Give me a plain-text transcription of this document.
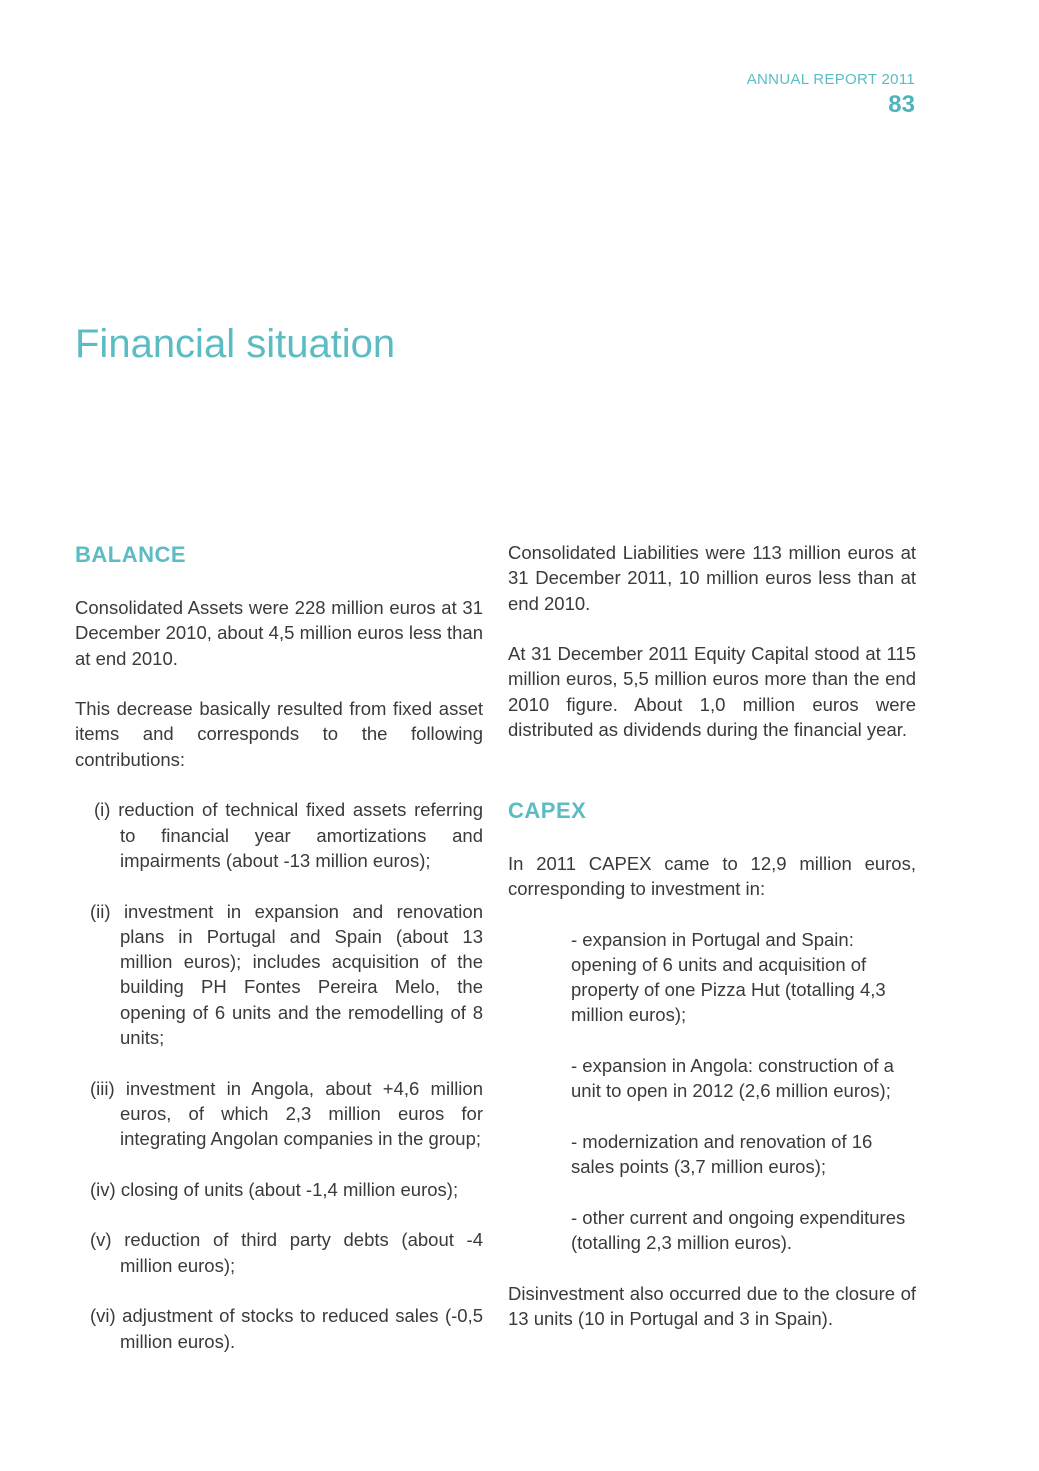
ANNUAL REPORT 2011
83
Financial situation
BALANCE

Consolidated Assets were 228 million euros at 31 December 2010, about 4,5 million euros less than at end 2010.

This decrease basically resulted from fixed asset items and corresponds to the following contributions:

(i) reduction of technical fixed assets referring to financial year amortizations and impairments (about -13 million euros);
(ii) investment in expansion and renovation plans in Portugal and Spain (about 13 million euros); includes acquisition of the building PH Fontes Pereira Melo, the opening of 6 units and the remodelling of 8 units;
(iii) investment in Angola, about +4,6 million euros, of which 2,3 million euros for integrating Angolan companies in the group;
(iv) closing of units (about -1,4 million euros);
(v) reduction of third party debts (about -4 million euros);
(vi) adjustment of stocks to reduced sales (-0,5 million euros).

Consolidated Liabilities were 113 million euros at 31 December 2011, 10 million euros less than at end 2010.

At 31 December 2011 Equity Capital stood at 115 million euros, 5,5 million euros more than the end 2010 figure. About 1,0 million euros were distributed as dividends during the financial year.

CAPEX

In 2011 CAPEX came to 12,9 million euros, corresponding to investment in:

- expansion in Portugal and Spain: opening of 6 units and acquisition of property of one Pizza Hut (totalling 4,3 million euros);
- expansion in Angola: construction of a unit to open in 2012 (2,6 million euros);
- modernization and renovation of 16 sales points (3,7 million euros);
- other current and ongoing expenditures (totalling 2,3 million euros).

Disinvestment also occurred due to the closure of 13 units (10 in Portugal and 3 in Spain).
